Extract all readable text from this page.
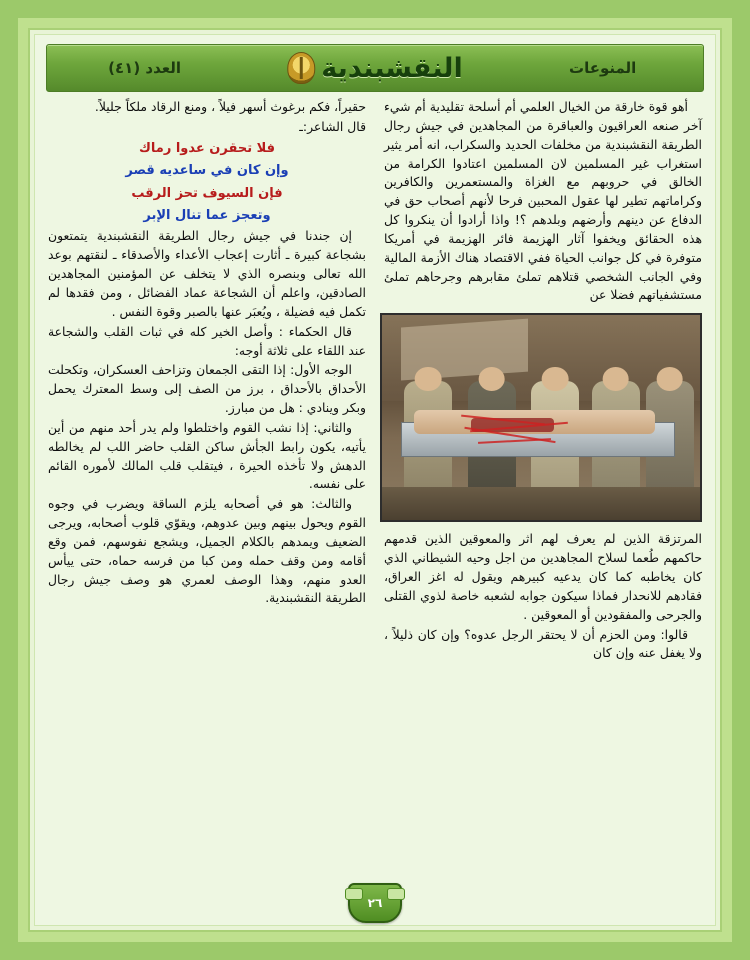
المنوعات
النقشبندية
العدد (٤١)

أهو قوة خارقة من الخيال العلمي أم أسلحة تقليدية أم شيء آخر صنعه العراقيون والعباقرة من المجاهدين في جيش رجال الطريقة النقشبندية من مخلفات الحديد والسكراب، انه أمر يثير استغراب غير المسلمين لان المسلمين اعتادوا الكرامة من الخالق في حروبهم مع الغزاة والمستعمرين والكافرين وكراماتهم تطير لها عقول المحبين فرحا لأنهم أصحاب حق في الدفاع عن دينهم وأرضهم وبلدهم ؟! واذا أرادوا أن ينكروا كل هذه الحقائق ويخفوا آثار الهزيمة فائر الهزيمة في أمريكا متوفرة في كل جوانب الحياة ففي الاقتصاد هناك الأزمة المالية وفي الجانب الشخصي قتلاهم تملئ مقابرهم وجرحاهم تملئ مستشفياتهم فضلا عن

المرتزقة الذين لم يعرف لهم اثر والمعوقين الذين قدمهم حاكمهم طُعما لسلاح المجاهدين من اجل وحيه الشيطاني الذي كان يخاطبه كما كان يدعيه كبيرهم ويقول له اغز العراق، فقادهم للانحدار فماذا سيكون جوابه لشعبه خاصة لذوي القتلى والجرحى والمفقودين أو المعوقين .

قالوا: ومن الحزم أن لا يحتقر الرجل عدوه؟ وإن كان ذليلاً ، ولا يغفل عنه وإن كان

حقيراً، فكم برغوث أسهر فيلاً ، ومنع الرقاد ملكاً جليلاً.

قال الشاعر:ـ

فلا تحقرن عدوا رماك

وإن كان في ساعديه قصر

فإن السيوف تحز الرقب

وتعجز عما تنال الإبر

إن جندنا في جيش رجال الطريقة النقشبندية يتمتعون بشجاعة كبيرة ـ أثارت إعجاب الأعداء والأصدقاء ـ لنقتهم بوعد الله تعالى وبنصره الذي لا يتخلف عن المؤمنين المجاهدين الصادقين، واعلم أن الشجاعة عماد الفضائل ، ومن فقدها لم تكمل فيه فضيلة ، ويُعبَر عنها بالصبر وقوة النفس .

قال الحكماء : وأصل الخير كله في ثبات القلب والشجاعة عند اللقاء على ثلاثة أوجه:

الوجه الأول: إذا التقى الجمعان وتزاحف العسكران، وتكحلت الأحداق بالأحداق ، برز من الصف إلى وسط المعترك يحمل وبكر وينادي : هل من مبارز.

والثاني: إذا نشب القوم واختلطوا ولم يدر أحد منهم من أين يأتيه، يكون رابط الجأش ساكن القلب حاضر اللب لم يخالطه الدهش ولا تأخذه الحيرة ، فيتقلب قلب المالك لأموره القائم على نفسه.

والثالث: هو في أصحابه يلزم الساقة ويضرب في وجوه القوم ويحول بينهم وبين عدوهم، ويقوّي قلوب أصحابه، ويرجى الضعيف ويمدهم بالكلام الجميل، ويشجع نفوسهم، فمن وقع أقامه ومن وقف حمله ومن كبا من فرسه حماه، حتى ييأس العدو منهم، وهذا الوصف لعمري هو وصف جيش رجال الطريقة النقشبندية.

٢٦
